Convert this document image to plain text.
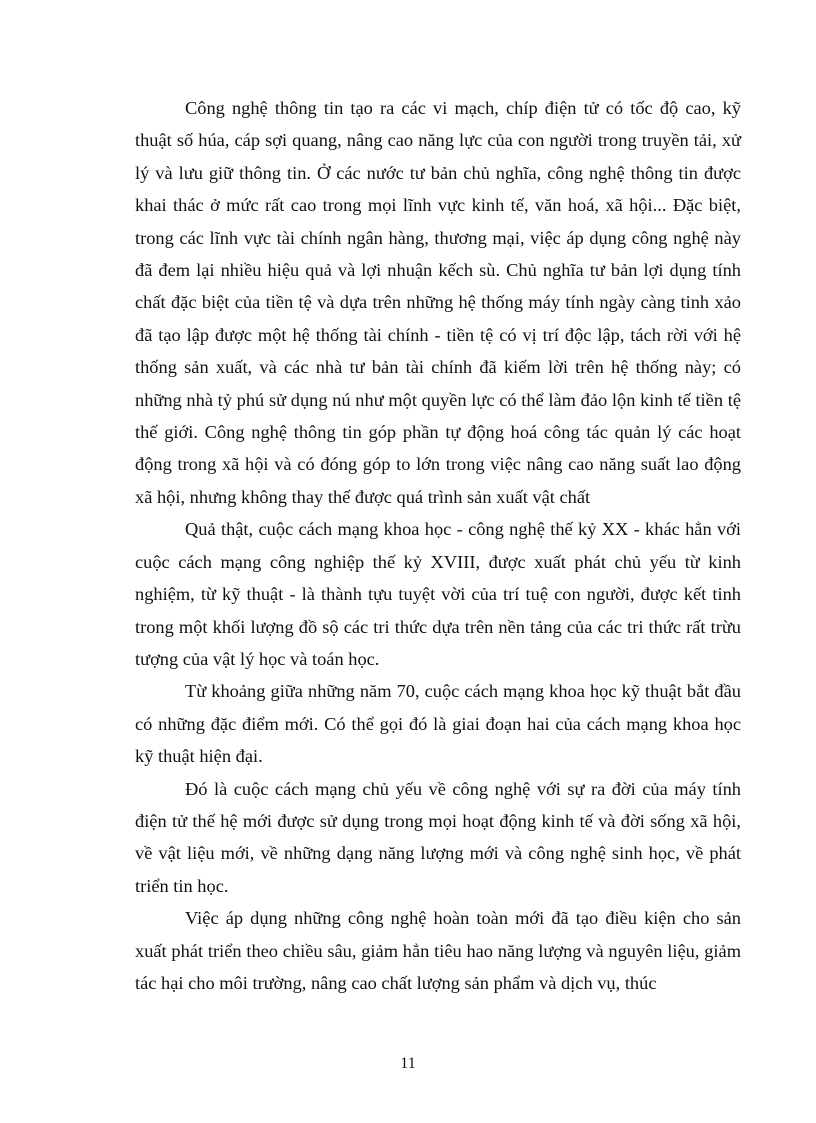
Công nghệ thông tin tạo ra các vi mạch, chíp điện tử có tốc độ cao, kỹ thuật số húa, cáp sợi quang, nâng cao năng lực của con người trong truyền tải, xử lý và lưu giữ thông tin. Ở các nước tư bản chủ nghĩa, công nghệ thông tin được khai thác ở mức rất cao trong mọi lĩnh vực kinh tế, văn hoá, xã hội... Đặc biệt, trong các lĩnh vực tài chính ngân hàng, thương mại, việc áp dụng công nghệ này đã đem lại nhiều hiệu quả và lợi nhuận kếch sù. Chủ nghĩa tư bản lợi dụng tính chất đặc biệt của tiền tệ và dựa trên những hệ thống máy tính ngày càng tinh xảo đã tạo lập được một hệ thống tài chính - tiền tệ có vị trí độc lập, tách rời với hệ thống sản xuất, và các nhà tư bản tài chính đã kiếm lời trên hệ thống này; có những nhà tỷ phú sử dụng nú như một quyền lực có thể làm đảo lộn kinh tế tiền tệ thế giới. Công nghệ thông tin góp phần tự động hoá công tác quản lý các hoạt động trong xã hội và có đóng góp to lớn trong việc nâng cao năng suất lao động xã hội, nhưng không thay thế được quá trình sản xuất vật chất

Quả thật, cuộc cách mạng khoa học - công nghệ thế kỷ XX - khác hẳn với cuộc cách mạng công nghiệp thế kỷ XVIII, được xuất phát chủ yếu từ kinh nghiệm, từ kỹ thuật - là thành tựu tuyệt vời của trí tuệ con người, được kết tinh trong một khối lượng đồ sộ các tri thức dựa trên nền tảng của các tri thức rất trừu tượng của vật lý học và toán học.

Từ khoảng giữa những năm 70, cuộc cách mạng khoa học kỹ thuật bắt đầu có những đặc điểm mới. Có thể gọi đó là giai đoạn hai của cách mạng khoa học kỹ thuật hiện đại.

Đó là cuộc cách mạng chủ yếu về công nghệ với sự ra đời của máy tính điện tử thế hệ mới được sử dụng trong mọi hoạt động kinh tế và đời sống xã hội, về vật liệu mới, về những dạng năng lượng mới và công nghệ sinh học, về phát triển tin học.

Việc áp dụng những công nghệ hoàn toàn mới đã tạo điều kiện cho sản xuất phát triển theo chiều sâu, giảm hẳn tiêu hao năng lượng và nguyên liệu, giảm tác hại cho môi trường, nâng cao chất lượng sản phẩm và dịch vụ, thúc

11
